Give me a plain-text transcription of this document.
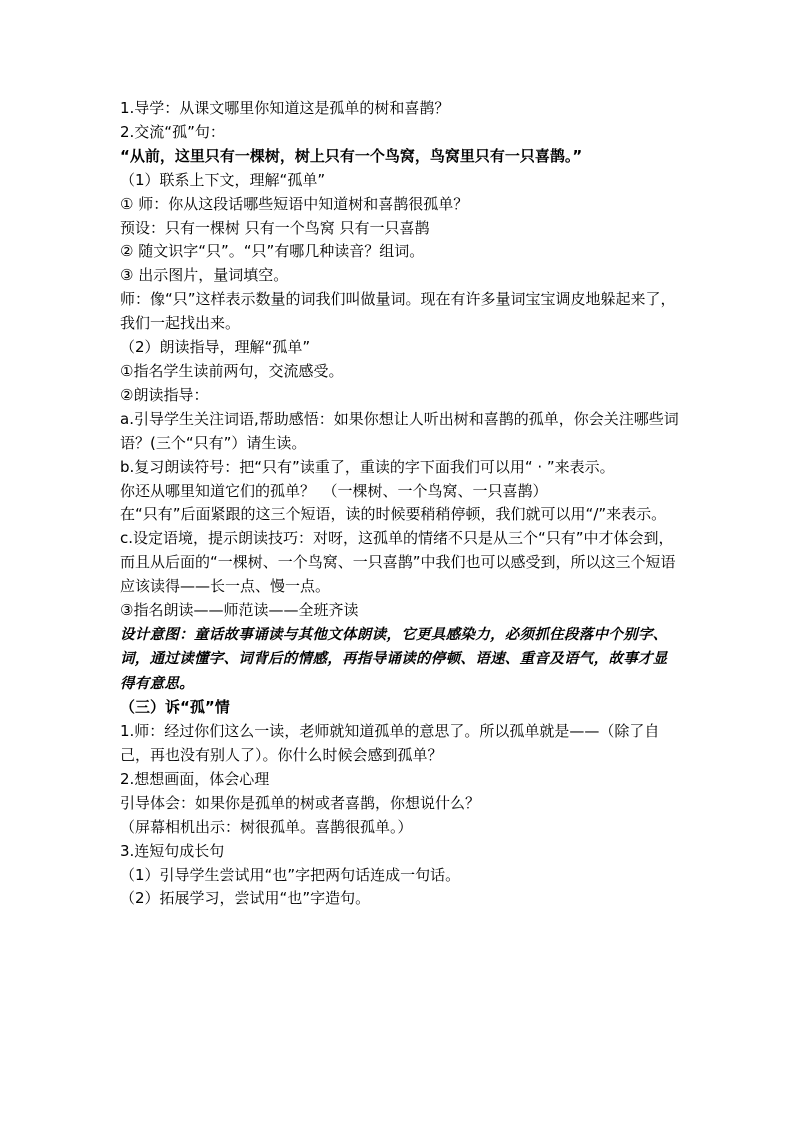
1.导学：从课文哪里你知道这是孤单的树和喜鹊？
2.交流“孤”句：
“从前，这里只有一棵树，树上只有一个鸟窝，鸟窝里只有一只喜鹊。”
（1）联系上下文，理解“孤单”
① 师：你从这段话哪些短语中知道树和喜鹊很孤单？
预设：只有一棵树 只有一个鸟窝 只有一只喜鹊
② 随文识字“只”。“只”有哪几种读音？组词。
③ 出示图片，量词填空。
师：像“只”这样表示数量的词我们叫做量词。现在有许多量词宝宝调皮地躲起来了，我们一起找出来。
（2）朗读指导，理解“孤单”
①指名学生读前两句，交流感受。
②朗读指导：
a.引导学生关注词语,帮助感悟：如果你想让人听出树和喜鹊的孤单，你会关注哪些词语？(三个“只有”）请生读。
b.复习朗读符号：把“只有”读重了，重读的字下面我们可以用“ · ”来表示。
你还从哪里知道它们的孤单？　（一棵树、一个鸟窝、一只喜鹊）
在“只有”后面紧跟的这三个短语，读的时候要稍稍停顿，我们就可以用“/”来表示。
c.设定语境，提示朗读技巧：对呀，这孤单的情绪不只是从三个“只有”中才体会到，而且从后面的“一棵树、一个鸟窝、一只喜鹊”中我们也可以感受到，所以这三个短语应该读得——长一点、慢一点。
③指名朗读——师范读——全班齐读
设计意图：童话故事诵读与其他文体朗读，它更具感染力，必须抓住段落中个别字、词，通过读懂字、词背后的情感，再指导诵读的停顿、语速、重音及语气，故事才显得有意思。
（三）诉“孤”情
1.师：经过你们这么一读，老师就知道孤单的意思了。所以孤单就是——（除了自己，再也没有别人了）。你什么时候会感到孤单？
2.想想画面，体会心理
引导体会：如果你是孤单的树或者喜鹊，你想说什么？
（屏幕相机出示：树很孤单。喜鹊很孤单。）
3.连短句成长句
（1）引导学生尝试用“也”字把两句话连成一句话。
（2）拓展学习，尝试用“也”字造句。
